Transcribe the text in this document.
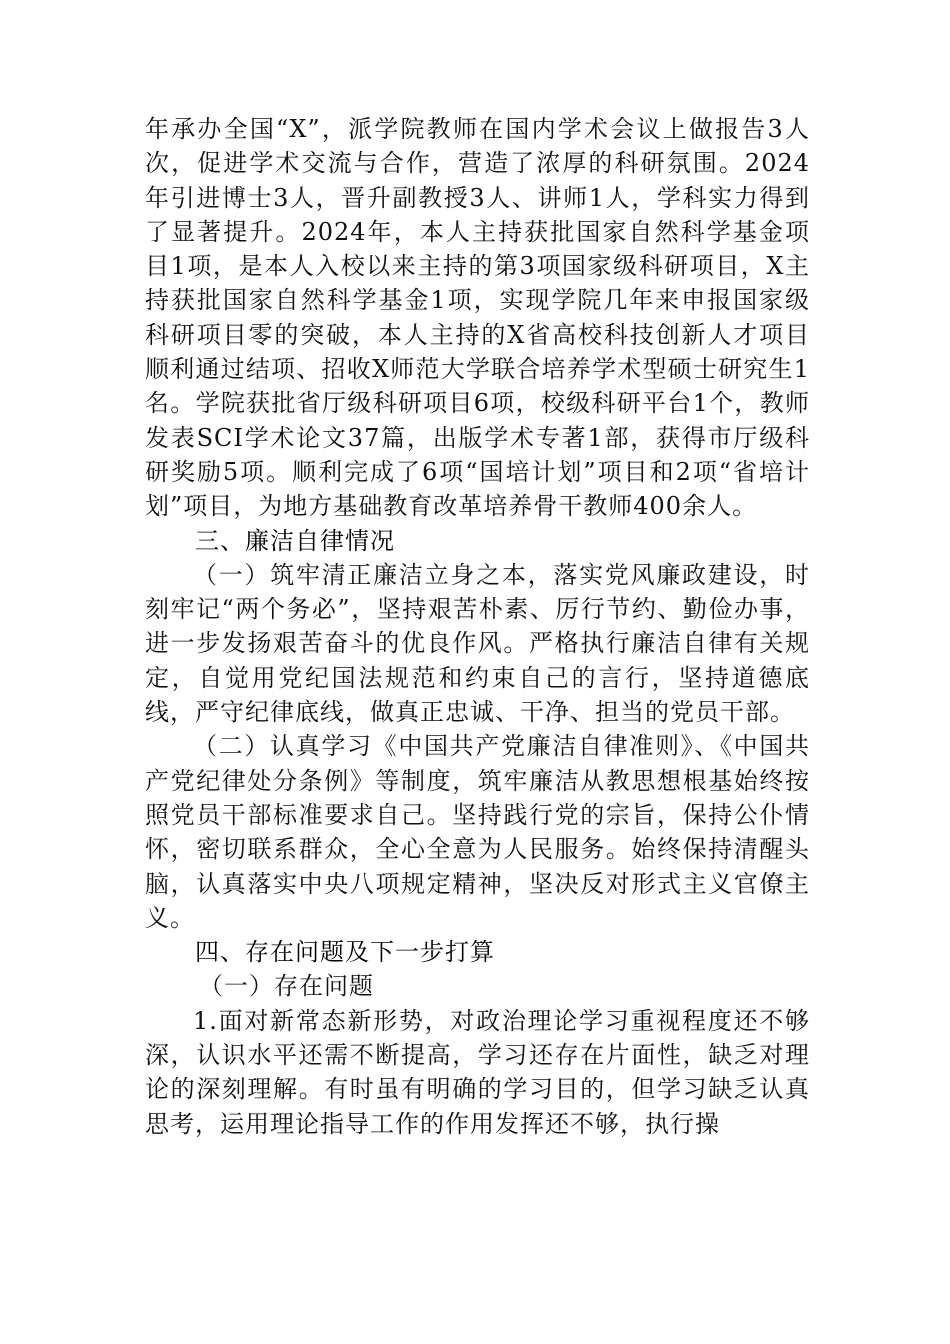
年承办全国“X”，派学院教师在国内学术会议上做报告3人次，促进学术交流与合作，营造了浓厚的科研氛围。2024年引进博士3人，晋升副教授3人、讲师1人，学科实力得到了显著提升。2024年，本人主持获批国家自然科学基金项目1项，是本人入校以来主持的第3项国家级科研项目，X主持获批国家自然科学基金1项，实现学院几年来申报国家级科研项目零的突破，本人主持的X省高校科技创新人才项目顺利通过结项、招收X师范大学联合培养学术型硕士研究生1名。学院获批省厅级科研项目6项，校级科研平台1个，教师发表SCI学术论文37篇，出版学术专著1部，获得市厅级科研奖励5项。顺利完成了6项“国培计划”项目和2项“省培计划”项目，为地方基础教育改革培养骨干教师400余人。

三、廉洁自律情况

（一）筑牢清正廉洁立身之本，落实党风廉政建设，时刻牢记“两个务必”，坚持艰苦朴素、厉行节约、勤俭办事，进一步发扬艰苦奋斗的优良作风。严格执行廉洁自律有关规定，自觉用党纪国法规范和约束自己的言行，坚持道德底线，严守纪律底线，做真正忠诚、干净、担当的党员干部。

（二）认真学习《中国共产党廉洁自律准则》、《中国共产党纪律处分条例》等制度，筑牢廉洁从教思想根基始终按照党员干部标准要求自己。坚持践行党的宗旨，保持公仆情怀，密切联系群众，全心全意为人民服务。始终保持清醒头脑，认真落实中央八项规定精神，坚决反对形式主义官僚主义。

四、存在问题及下一步打算

（一）存在问题

1.面对新常态新形势，对政治理论学习重视程度还不够深，认识水平还需不断提高，学习还存在片面性，缺乏对理论的深刻理解。有时虽有明确的学习目的，但学习缺乏认真思考，运用理论指导工作的作用发挥还不够，执行操
